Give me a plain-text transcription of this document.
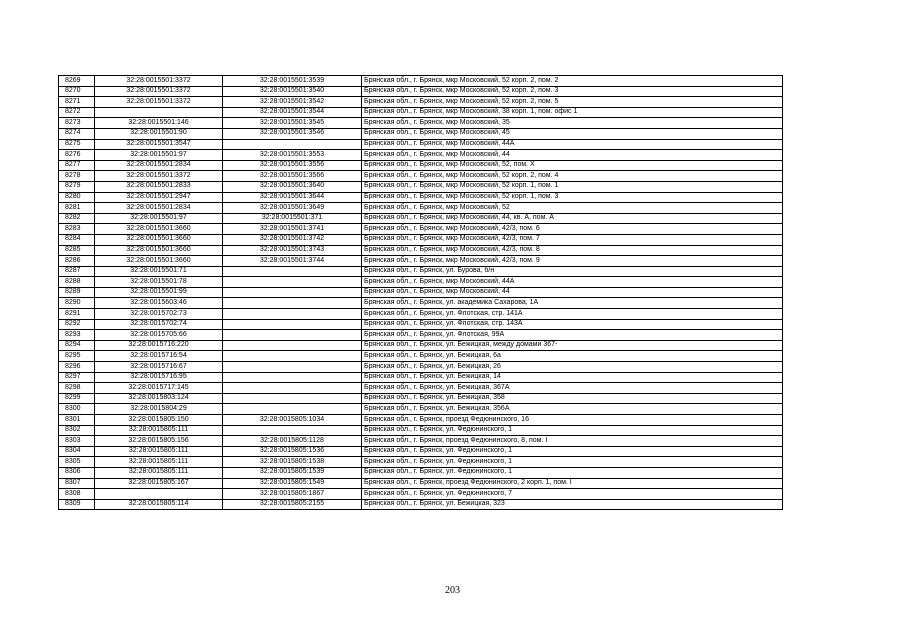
8269	32:28:0015501:3372	32:28:0015501:3539	Брянская обл., г. Брянск, мкр Московский, 52 корп. 2, пом. 2
8270	32:28:0015501:3372	32:28:0015501:3540	Брянская обл., г. Брянск, мкр Московский, 52 корп. 2, пом. 3
8271	32:28:0015501:3372	32:28:0015501:3542	Брянская обл., г. Брянск, мкр Московский, 52 корп. 2, пом. 5
8272		32:28:0015501:3544	Брянская обл., г. Брянск, мкр Московский, 38 корп. 1, пом. офис 1
8273	32:28:0015501:146	32:28:0015501:3545	Брянская обл., г. Брянск, мкр Московский, 35
8274	32:28:0015501:90	32:28:0015501:3546	Брянская обл., г. Брянск, мкр Московский, 45
8275	32:28:0015501:3547		Брянская обл., г. Брянск, мкр Московский, 44А
8276	32:28:0015501:97	32:28:0015501:3553	Брянская обл., г. Брянск, мкр Московский, 44
8277	32:28:0015501:2834	32:28:0015501:3556	Брянская обл., г. Брянск, мкр Московский, 52, пом. Х
8278	32:28:0015501:3372	32:28:0015501:3566	Брянская обл., г. Брянск, мкр Московский, 52 корп. 2, пом. 4
8279	32:28:0015501:2833	32:28:0015501:3640	Брянская обл., г. Брянск, мкр Московский, 52 корп. 1, пом. 1
8280	32:28:0015501:2947	32:28:0015501:3644	Брянская обл., г. Брянск, мкр Московский, 52 корп. 1, пом. 3
8281	32:28:0015501:2834	32:28:0015501:3649	Брянская обл., г. Брянск, мкр Московский, 52
8282	32:28:0015501:97	32:28:0015501:371	Брянская обл., г. Брянск, мкр Московский, 44, кв. А, пом. А
8283	32:28:0015501:3660	32:28:0015501:3741	Брянская обл., г. Брянск, мкр Московский, 42/3, пом. 6
8284	32:28:0015501:3660	32:28:0015501:3742	Брянская обл., г. Брянск, мкр Московский, 42/3, пом. 7
8285	32:28:0015501:3660	32:28:0015501:3743	Брянская обл., г. Брянск, мкр Московский, 42/3, пом. 8
8286	32:28:0015501:3660	32:28:0015501:3744	Брянская обл., г. Брянск, мкр Московский, 42/3, пом. 9
8287	32:28:0015501:71		Брянская обл., г. Брянск, ул. Бурова, б/н
8288	32:28:0015501:78		Брянская обл., г. Брянск, мкр Московский, 44А
8289	32:28:0015501:99		Брянская обл., г. Брянск, мкр Московский, 44
8290	32:28:0015603:46		Брянская обл., г. Брянск, ул. академика Сахарова, 1А
8291	32:28:0015702:73		Брянская обл., г. Брянск, ул. Флотская, стр. 141А
8292	32:28:0015702:74		Брянская обл., г. Брянск, ул. Флотская, стр. 143А
8293	32:28:0015705:66		Брянская обл., г. Брянск, ул. Флотская, 99А
8294	32:28:0015716:220		Брянская обл., г. Брянск, ул. Бежицкая, между домами 367-
8295	32:28:0015716:54		Брянская обл., г. Брянск, ул. Бежицкая, 6а
8296	32:28:0015716:67		Брянская обл., г. Брянск, ул. Бежицкая, 26
8297	32:28:0015716:95		Брянская обл., г. Брянск, ул. Бежицкая, 14
8298	32:28:0015717:145		Брянская обл., г. Брянск, ул. Бежицкая, 367А
8299	32:28:0015803:124		Брянская обл., г. Брянск, ул. Бежицкая, 358
8300	32:28:0015804:29		Брянская обл., г. Брянск, ул. Бежицкая, 356А
8301	32:28:0015805:150	32:28:0015805:1034	Брянская обл., г. Брянск, проезд Федюнинского, 16
8302	32:28:0015805:111		Брянская обл., г. Брянск, ул. Федюнинского, 1
8303	32:28:0015805:156	32:28:0015805:1128	Брянская обл., г. Брянск, проезд Федюнинского, 8, пом. I
8304	32:28:0015805:111	32:28:0015805:1536	Брянская обл., г. Брянск, ул. Федюнинского, 1
8305	32:28:0015805:111	32:28:0015805:1538	Брянская обл., г. Брянск, ул. Федюнинского, 1
8306	32:28:0015805:111	32:28:0015805:1539	Брянская обл., г. Брянск, ул. Федюнинского, 1
8307	32:28:0015805:167	32:28:0015805:1549	Брянская обл., г. Брянск, проезд Федюнинского, 2 корп. 1, пом. I
8308		32:28:0015805:1867	Брянская обл., г. Брянск, ул. Федюнинского, 7
8309	32:28:0015805:114	32:28:0015805:2155	Брянская обл., г. Брянск, ул. Бежицкая, 323
203
